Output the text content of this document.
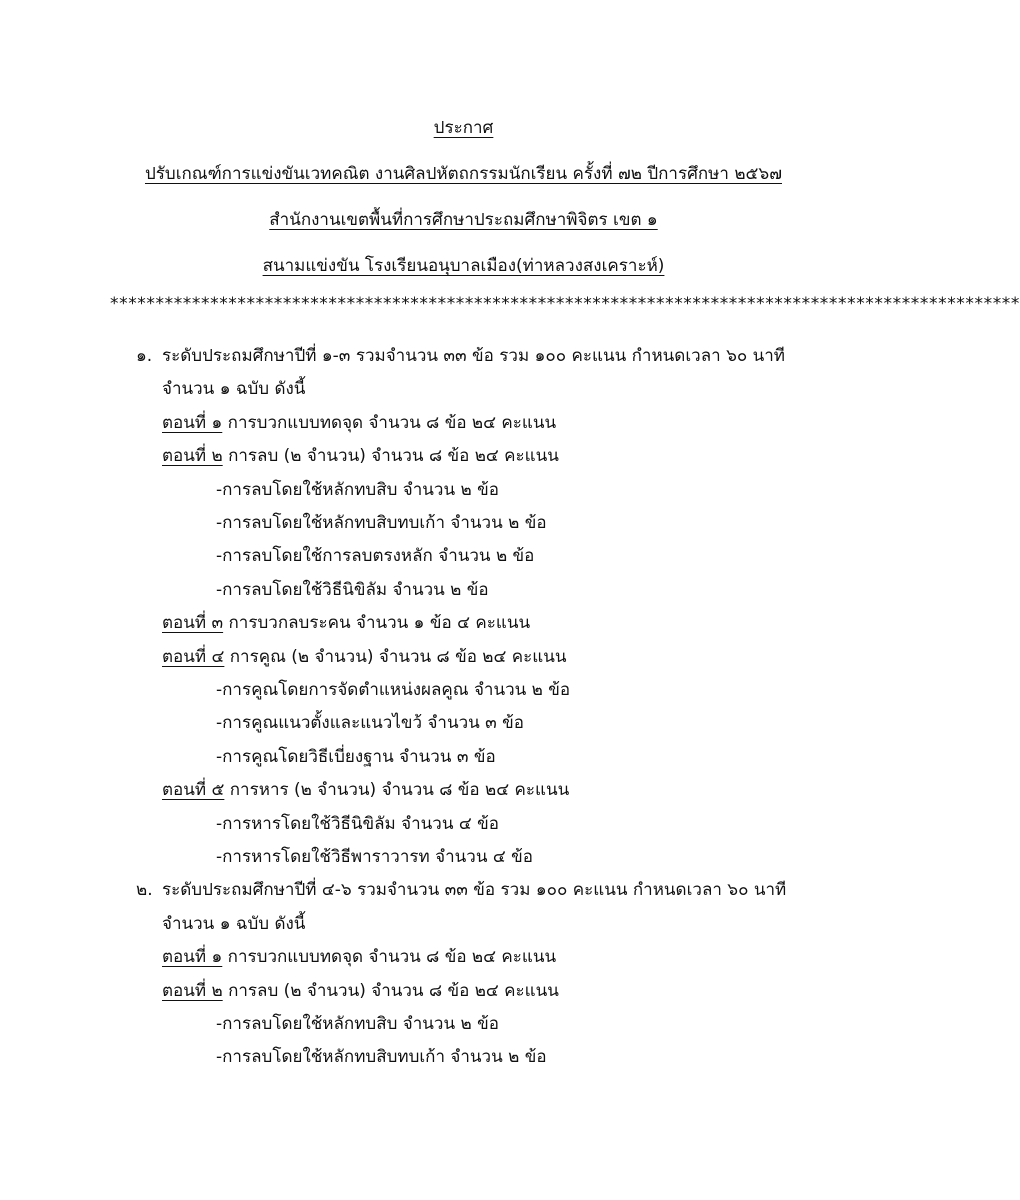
ประกาศ
ปรับเกณฑ์การแข่งขันเวทคณิต งานศิลปหัตถกรรมนักเรียน ครั้งที่ ๗๒ ปีการศึกษา ๒๕๖๗
สำนักงานเขตพื้นที่การศึกษาประถมศึกษาพิจิตร เขต ๑
สนามแข่งขัน โรงเรียนอนุบาลเมือง(ท่าหลวงสงเคราะห์)
****************************************************************************************************
๑. ระดับประถมศึกษาปีที่ ๑-๓ รวมจำนวน ๓๓ ข้อ รวม ๑๐๐ คะแนน กำหนดเวลา ๖๐ นาที
จำนวน ๑ ฉบับ ดังนี้
ตอนที่ ๑ การบวกแบบทดจุด จำนวน ๘ ข้อ ๒๔ คะแนน
ตอนที่ ๒ การลบ (๒ จำนวน) จำนวน ๘ ข้อ ๒๔ คะแนน
-การลบโดยใช้หลักทบสิบ จำนวน ๒ ข้อ
-การลบโดยใช้หลักทบสิบทบเก้า จำนวน ๒ ข้อ
-การลบโดยใช้การลบตรงหลัก จำนวน ๒ ข้อ
-การลบโดยใช้วิธีนิขิลัม จำนวน ๒ ข้อ
ตอนที่ ๓ การบวกลบระคน จำนวน ๑ ข้อ ๔ คะแนน
ตอนที่ ๔ การคูณ (๒ จำนวน) จำนวน ๘ ข้อ ๒๔ คะแนน
-การคูณโดยการจัดตำแหน่งผลคูณ จำนวน ๒ ข้อ
-การคูณแนวตั้งและแนวไขว้ จำนวน ๓ ข้อ
-การคูณโดยวิธีเบี่ยงฐาน จำนวน ๓ ข้อ
ตอนที่ ๕ การหาร (๒ จำนวน) จำนวน ๘ ข้อ ๒๔ คะแนน
-การหารโดยใช้วิธีนิขิลัม จำนวน ๔ ข้อ
-การหารโดยใช้วิธีพาราวารท จำนวน ๔ ข้อ
๒. ระดับประถมศึกษาปีที่ ๔-๖ รวมจำนวน ๓๓ ข้อ รวม ๑๐๐ คะแนน กำหนดเวลา ๖๐ นาที
จำนวน ๑ ฉบับ ดังนี้
ตอนที่ ๑ การบวกแบบทดจุด จำนวน ๘ ข้อ ๒๔ คะแนน
ตอนที่ ๒ การลบ (๒ จำนวน) จำนวน ๘ ข้อ ๒๔ คะแนน
-การลบโดยใช้หลักทบสิบ จำนวน ๒ ข้อ
-การลบโดยใช้หลักทบสิบทบเก้า จำนวน ๒ ข้อ
